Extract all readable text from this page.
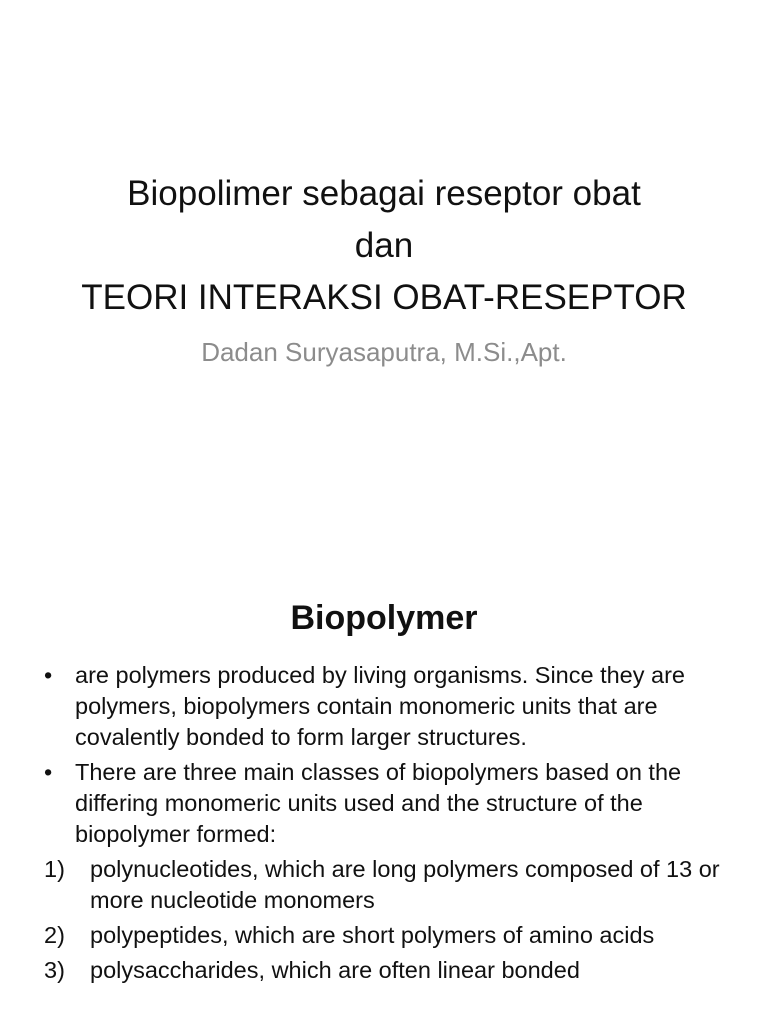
Biopolimer sebagai reseptor obat
dan
TEORI INTERAKSI OBAT-RESEPTOR
Dadan Suryasaputra, M.Si.,Apt.
Biopolymer
• are polymers produced by living organisms. Since they are polymers, biopolymers contain monomeric units that are covalently bonded to form larger structures.
• There are three main classes of biopolymers based on the differing monomeric units used and the structure of the biopolymer formed:
1)	polynucleotides, which are long polymers composed of 13 or more nucleotide monomers
2)	polypeptides, which are short polymers of amino acids
3)	polysaccharides, which are often linear bonded
